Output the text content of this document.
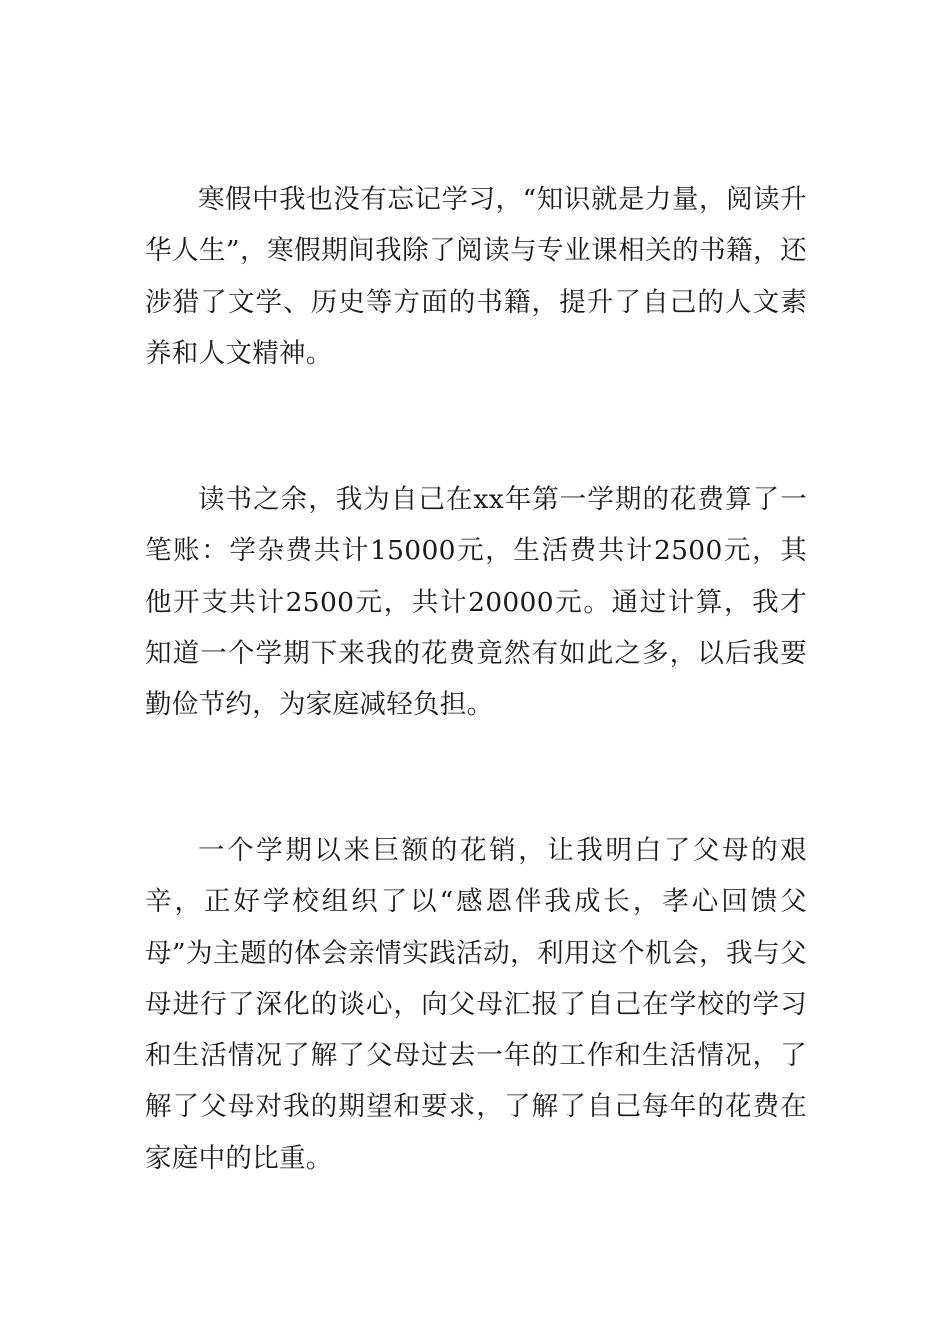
寒假中我也没有忘记学习，“知识就是力量，阅读升华人生”，寒假期间我除了阅读与专业课相关的书籍，还涉猎了文学、历史等方面的书籍，提升了自己的人文素养和人文精神。

读书之余，我为自己在xx年第一学期的花费算了一笔账：学杂费共计15000元，生活费共计2500元，其他开支共计2500元，共计20000元。通过计算，我才知道一个学期下来我的花费竟然有如此之多，以后我要勤俭节约，为家庭减轻负担。

一个学期以来巨额的花销，让我明白了父母的艰辛，正好学校组织了以“感恩伴我成长，孝心回馈父母”为主题的体会亲情实践活动，利用这个机会，我与父母进行了深化的谈心，向父母汇报了自己在学校的学习和生活情况了解了父母过去一年的工作和生活情况，了解了父母对我的期望和要求，了解了自己每年的花费在家庭中的比重。
